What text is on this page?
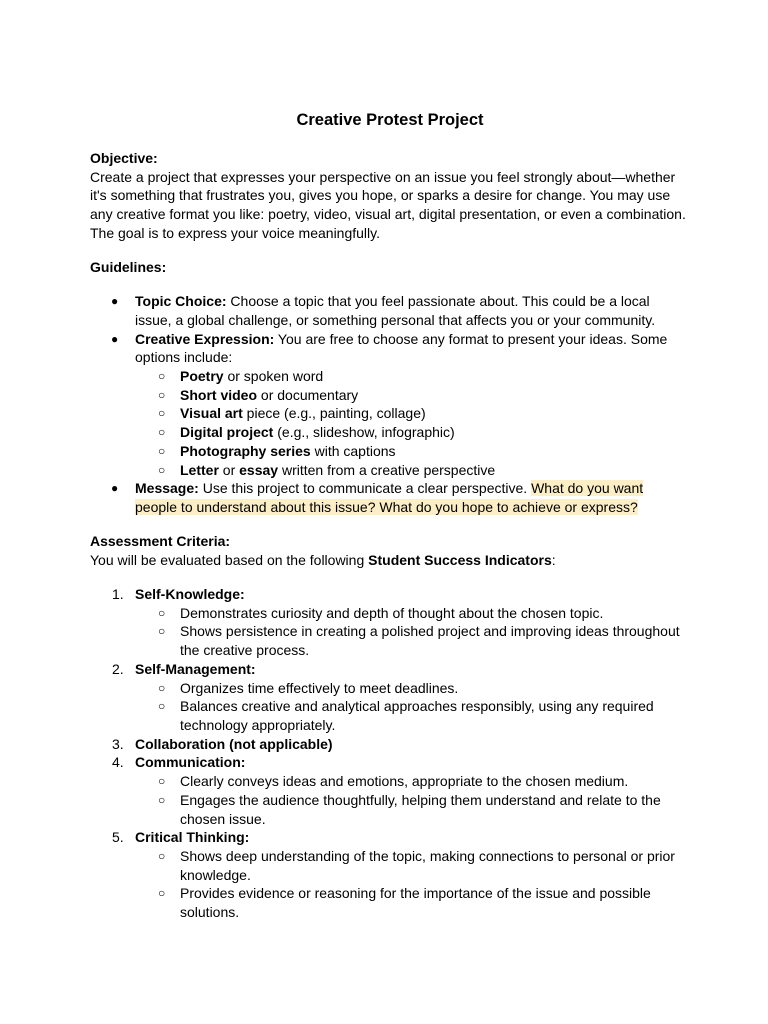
Creative Protest Project
Objective:
Create a project that expresses your perspective on an issue you feel strongly about—whether
it's something that frustrates you, gives you hope, or sparks a desire for change. You may use
any creative format you like: poetry, video, visual art, digital presentation, or even a combination.
The goal is to express your voice meaningfully.
Guidelines:
● Topic Choice: Choose a topic that you feel passionate about. This could be a local
issue, a global challenge, or something personal that affects you or your community.
● Creative Expression: You are free to choose any format to present your ideas. Some
options include:
○ Poetry or spoken word
○ Short video or documentary
○ Visual art piece (e.g., painting, collage)
○ Digital project (e.g., slideshow, infographic)
○ Photography series with captions
○ Letter or essay written from a creative perspective
● Message: Use this project to communicate a clear perspective. What do you want
people to understand about this issue? What do you hope to achieve or express?
Assessment Criteria:
You will be evaluated based on the following Student Success Indicators:
1. Self-Knowledge:
○ Demonstrates curiosity and depth of thought about the chosen topic.
○ Shows persistence in creating a polished project and improving ideas throughout
the creative process.
2. Self-Management:
○ Organizes time effectively to meet deadlines.
○ Balances creative and analytical approaches responsibly, using any required
technology appropriately.
3. Collaboration (not applicable)
4. Communication:
○ Clearly conveys ideas and emotions, appropriate to the chosen medium.
○ Engages the audience thoughtfully, helping them understand and relate to the
chosen issue.
5. Critical Thinking:
○ Shows deep understanding of the topic, making connections to personal or prior
knowledge.
○ Provides evidence or reasoning for the importance of the issue and possible
solutions.
